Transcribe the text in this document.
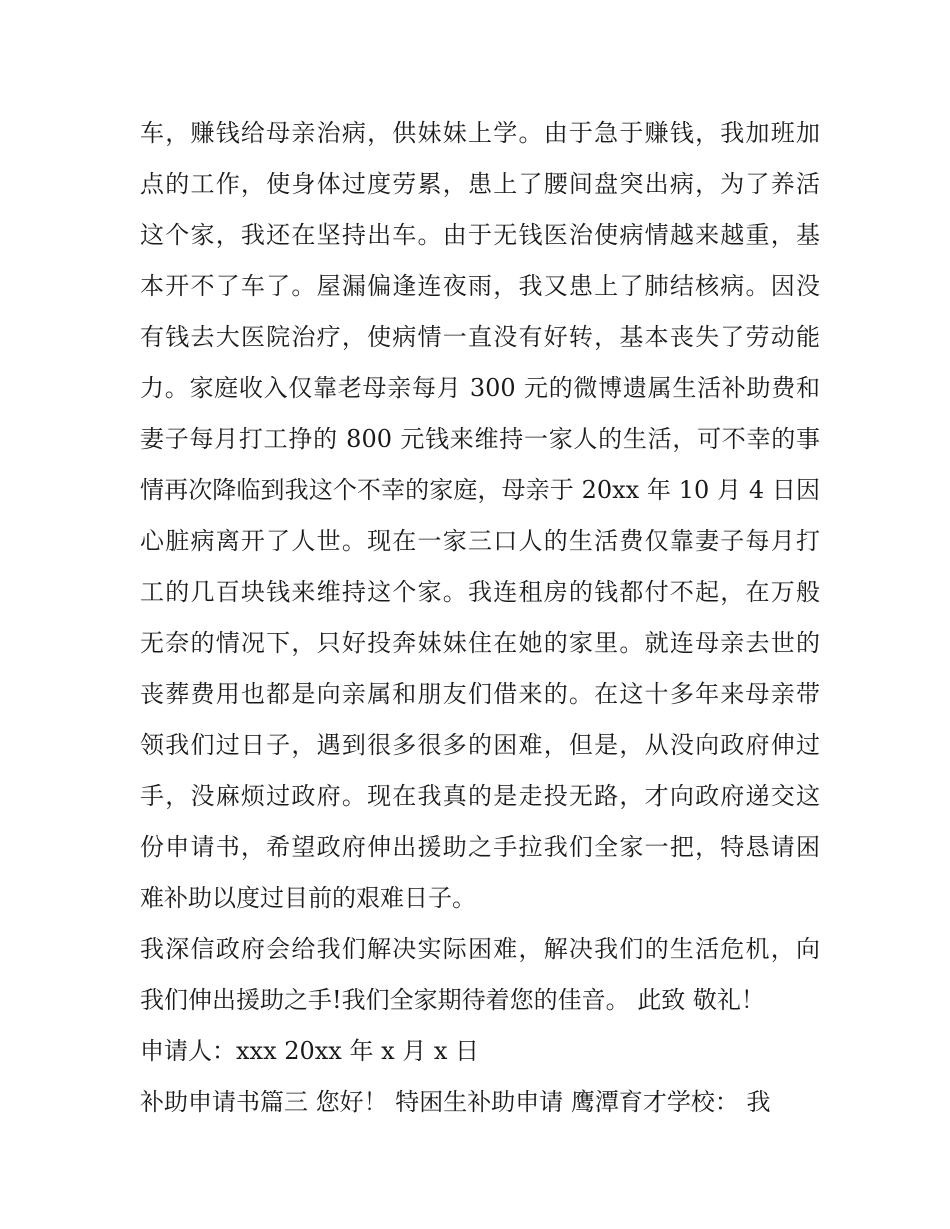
车，赚钱给母亲治病，供妹妹上学。由于急于赚钱，我加班加
点的工作，使身体过度劳累，患上了腰间盘突出病，为了养活
这个家，我还在坚持出车。由于无钱医治使病情越来越重，基
本开不了车了。屋漏偏逢连夜雨，我又患上了肺结核病。因没
有钱去大医院治疗，使病情一直没有好转，基本丧失了劳动能
力。家庭收入仅靠老母亲每月 300 元的微博遗属生活补助费和
妻子每月打工挣的 800 元钱来维持一家人的生活，可不幸的事
情再次降临到我这个不幸的家庭，母亲于 20xx 年 10 月 4 日因
心脏病离开了人世。现在一家三口人的生活费仅靠妻子每月打
工的几百块钱来维持这个家。我连租房的钱都付不起，在万般
无奈的情况下，只好投奔妹妹住在她的家里。就连母亲去世的
丧葬费用也都是向亲属和朋友们借来的。在这十多年来母亲带
领我们过日子，遇到很多很多的困难，但是，从没向政府伸过
手，没麻烦过政府。现在我真的是走投无路，才向政府递交这
份申请书，希望政府伸出援助之手拉我们全家一把，特恳请困
难补助以度过目前的艰难日子。
我深信政府会给我们解决实际困难，解决我们的生活危机，向
我们伸出援助之手!我们全家期待着您的佳音。 此致 敬礼！
申请人：xxx 20xx 年 x 月 x 日
补助申请书篇三 您好！ 特困生补助申请 鹰潭育才学校： 我
